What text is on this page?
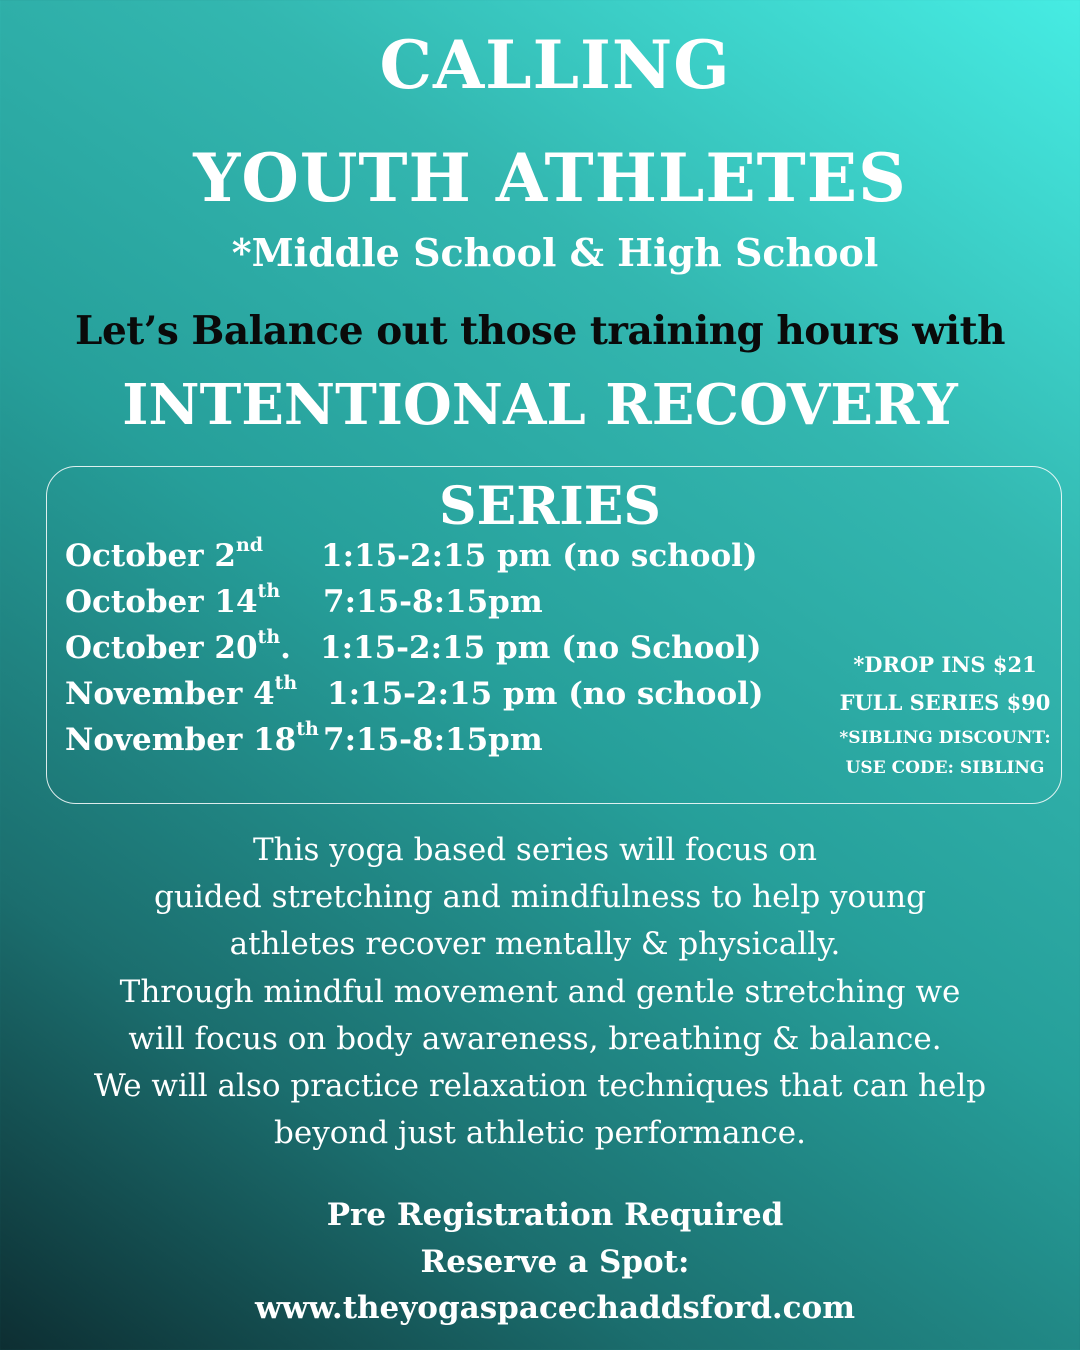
CALLING
YOUTH ATHLETES
*Middle School & High School
Let’s Balance out those training hours with
INTENTIONAL RECOVERY
SERIES
October 2nd 1:15-2:15 pm (no school)
October 14th 7:15-8:15pm
October 20th. 1:15-2:15 pm (no School)
November 4th 1:15-2:15 pm (no school)
November 18th 7:15-8:15pm
*DROP INS $21
FULL SERIES $90
*SIBLING DISCOUNT:
USE CODE: SIBLING
This yoga based series will focus on
guided stretching and mindfulness to help young
athletes recover mentally & physically.
Through mindful movement and gentle stretching we
will focus on body awareness, breathing & balance.
We will also practice relaxation techniques that can help
beyond just athletic performance.
Pre Registration Required
Reserve a Spot:
www.theyogaspacechaddsford.com
